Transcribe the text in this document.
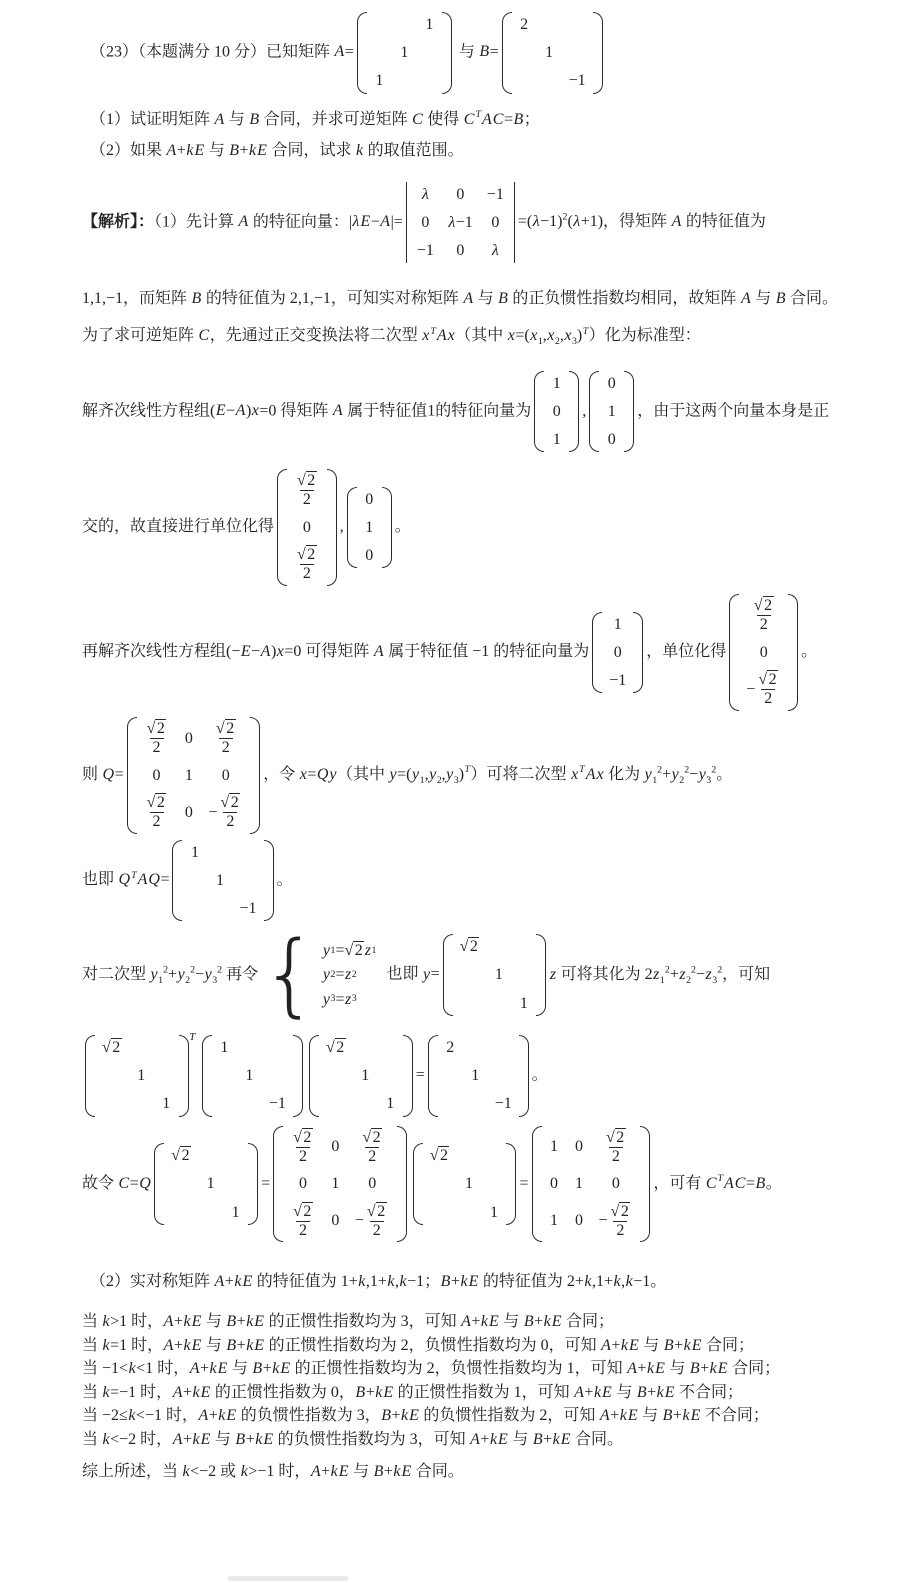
（23）（本题满分 10 分）已知矩阵 A=
1
1
1
与 B=
2
1
−1

（1）试证明矩阵 A 与 B 合同，并求可逆矩阵 C 使得 $C^TAC=B$；

（2）如果 A+kE 与 B+kE 合同，试求 k 的取值范围。

【解析】：（1）先计算 A 的特征向量：|λE−A|=
λ 0 −1
0 λ −1 0
−1 0 λ
$=(\lambda-1)^2(\lambda+1)$，得矩阵 A 的特征值为

1,1,−1，而矩阵 B 的特征值为 2,1,−1，可知实对称矩阵 A 与 B 的正负惯性指数均相同，故矩阵 A 与 B 合同。

为了求可逆矩阵 C，先通过正交变换法将二次型 $x^TAx$（其中 $x=(x_1,x_2,x_3)^T$）化为标准型：

解齐次线性方程组(E−A)x=0 得矩阵 A 属于特征值1的特征向量为
1
0
1
,
0
1
0
，由于这两个向量本身是正

交的，故直接进行单位化得
√2
2
0
√2
2
,
0
1
0
。

再解齐次线性方程组(−E−A)x=0 可得矩阵 A 属于特征值 −1 的特征向量为
1
0
−1
，单位化得
√2
2
0
−
√2
2
。

则 Q=
√2
2
0
√2
2
0 1 0
√2
2
0 −
√2
2
，令 x=Qy（其中 $y=(y_1,y_2,y_3)^T$）可将二次型 $x^TAx$ 化为 $y_1^2+y_2^2-y_3^2$。

也即 $Q^TAQ=$
1
1
−1
。

对二次型 $y_1^2+y_2^2-y_3^2$ 再令 { y 1 = √2 z 1
y 2 = z 2
y 3 = z 3
也即 y=
√2
1
1
z 可将其化为 $2z_1^2+z_2^2-z_3^2$，可知

√2
1
1
T
1
1
−1
√2
1
1
=
2
1
−1
。

故令 C=Q
√2
1
1
=
√2
2
0
√2
2
0 1 0
√2
2
0 −
√2
2
√2
1
1
=
1 0
√2
2
0 1 0
1 0 −
√2
2
，可有 $C^TAC=B$。

（2）实对称矩阵 A+kE 的特征值为 1+k,1+k,k−1；B+kE 的特征值为 2+k,1+k,k−1。

当 k>1 时，A+kE 与 B+kE 的正惯性指数均为 3，可知 A+kE 与 B+kE 合同；

当 k=1 时，A+kE 与 B+kE 的正惯性指数均为 2，负惯性指数均为 0，可知 A+kE 与 B+kE 合同；

当 −1<k<1 时，A+kE 与 B+kE 的正惯性指数均为 2，负惯性指数均为 1，可知 A+kE 与 B+kE 合同；

当 k=−1 时，A+kE 的正惯性指数为 0，B+kE 的正惯性指数为 1，可知 A+kE 与 B+kE 不合同；

当 −2≤k<−1 时，A+kE 的负惯性指数为 3，B+kE 的负惯性指数为 2，可知 A+kE 与 B+kE 不合同；

当 k<−2 时，A+kE 与 B+kE 的负惯性指数均为 3，可知 A+kE 与 B+kE 合同。

综上所述，当 k<−2 或 k>−1 时，A+kE 与 B+kE 合同。
